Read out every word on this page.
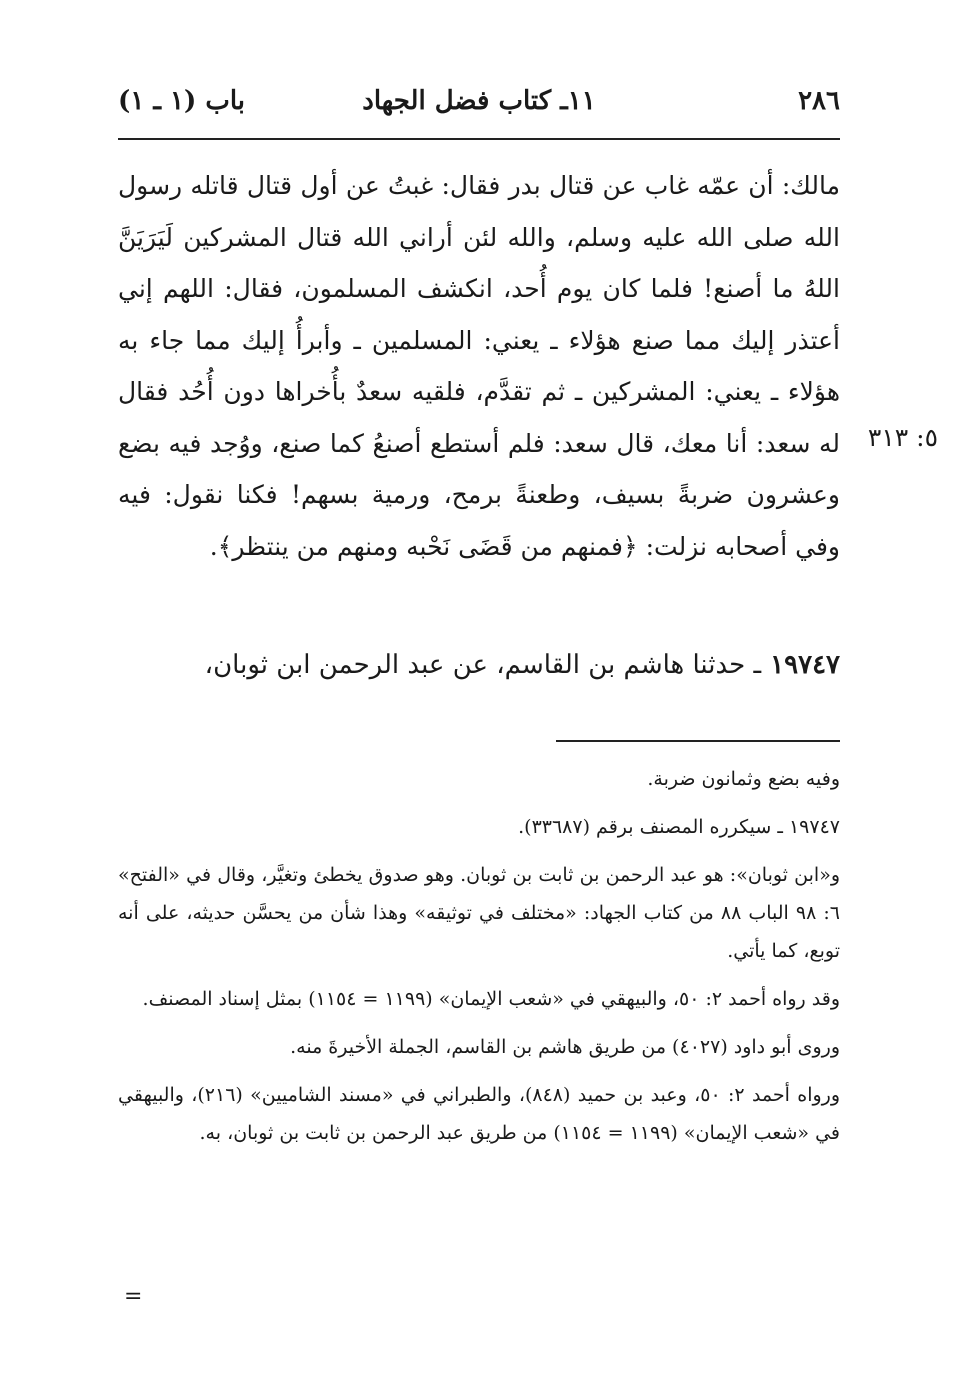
٢٨٦
١١ـ كتاب فضل الجهاد
باب (١ ـ ١)

مالك: أن عمّه غاب عن قتال بدر فقال: غبتُ عن أول قتال قاتله رسول الله صلى الله عليه وسلم، والله لئن أراني الله قتال المشركين لَيَرَيَنَّ اللهُ ما أصنع! فلما كان يوم أُحد، انكشف المسلمون، فقال: اللهم إني أعتذر إليك مما صنع هؤلاء ـ يعني: المسلمين ـ وأبرأُ إليك مما جاء به هؤلاء ـ يعني: المشركين ـ ثم تقدَّم، فلقيه سعدٌ بأُخراها دون أُحُد فقال له سعد: أنا معك، قال سعد: فلم أستطع أصنعُ كما صنع، ووُجد فيه بضع وعشرون ضربةً بسيف، وطعنةً برمح، ورمية بسهم! فكنا نقول: فيه وفي أصحابه نزلت: ﴿فمنهم من قَضَى نَحْبه ومنهم من ينتظر﴾.

٥: ٣١٣
١٩٧٤٧ ـ حدثنا هاشم بن القاسم، عن عبد الرحمن ابن ثوبان،

وفيه بضع وثمانون ضربة.

١٩٧٤٧ ـ سيكرره المصنف برقم (٣٣٦٨٧).

و«ابن ثوبان»: هو عبد الرحمن بن ثابت بن ثوبان. وهو صدوق يخطئ وتغيَّر، وقال في «الفتح» ٦: ٩٨ الباب ٨٨ من كتاب الجهاد: «مختلف في توثيقه» وهذا شأن من يحسَّن حديثه، على أنه توبع، كما يأتي.

وقد رواه أحمد ٢: ٥٠، والبيهقي في «شعب الإيمان» (١١٩٩ = ١١٥٤) بمثل إسناد المصنف.

وروى أبو داود (٤٠٢٧) من طريق هاشم بن القاسم، الجملة الأخيرةَ منه.

ورواه أحمد ٢: ٥٠، وعبد بن حميد (٨٤٨)، والطبراني في «مسند الشاميين» (٢١٦)، والبيهقي في «شعب الإيمان» (١١٩٩ = ١١٥٤) من طريق عبد الرحمن بن ثابت بن ثوبان، به.

=
